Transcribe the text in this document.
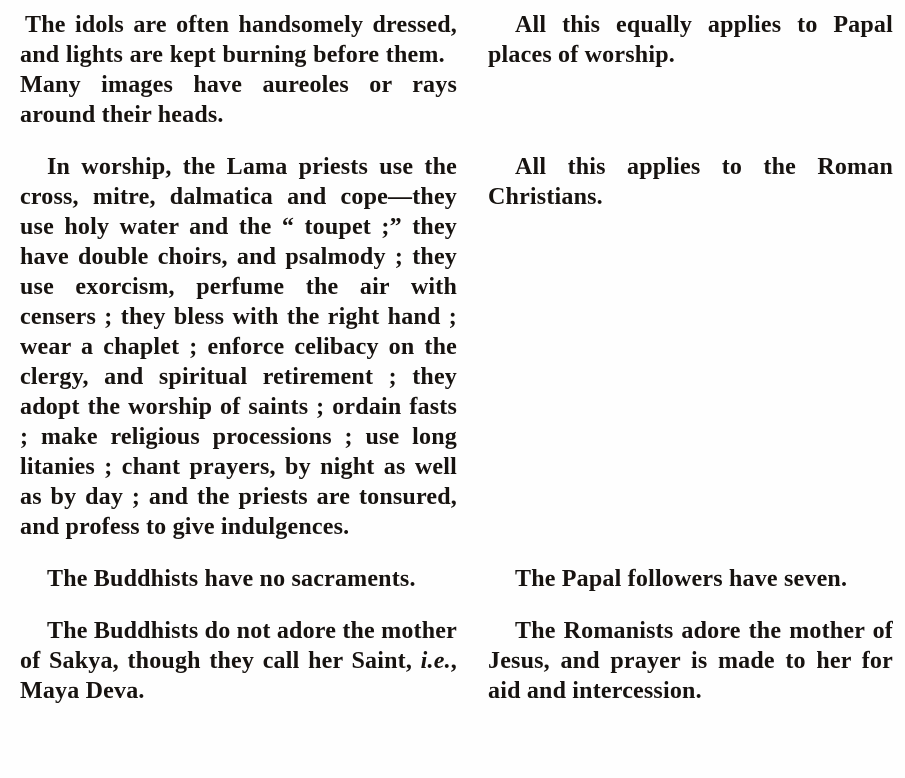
The idols are often handsomely dressed, and lights are kept burning before them.  Many images have aureoles or rays around their heads.

All this equally applies to Papal places of worship.

In worship, the Lama priests use the cross, mitre, dalmatica and cope—they use holy water and the “ toupet ;” they have double choirs, and psalmody ; they use exorcism, perfume the air with censers ; they bless with the right hand ; wear a chaplet ; enforce celibacy on the clergy, and spiritual retirement ; they adopt the worship of saints ; ordain fasts ; make religious processions ; use long litanies ; chant prayers, by night as well as by day ; and the priests are tonsured, and profess to give indulgences.

All this applies to the Roman Christians.

The Buddhists have no sacraments.	The Papal followers have seven.

The Buddhists do not adore the mother of Sakya, though they call her Saint, i.e., Maya Deva.

The Romanists adore the mother of Jesus, and prayer is made to her for aid and intercession.
